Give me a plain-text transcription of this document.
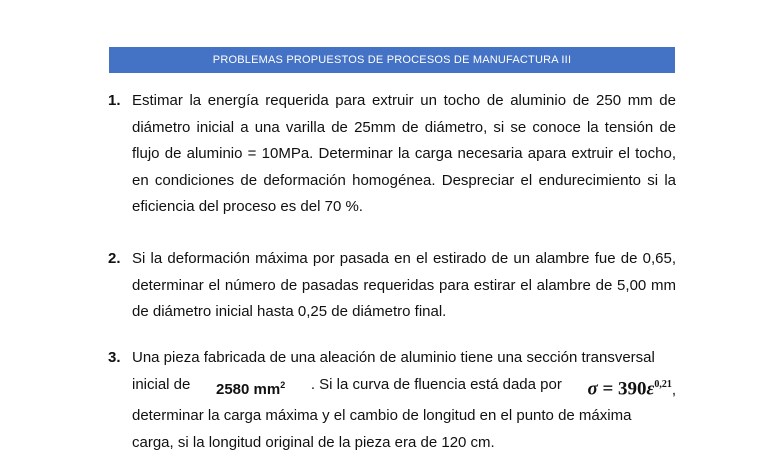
PROBLEMAS PROPUESTOS DE PROCESOS DE MANUFACTURA III
1. Estimar la energía requerida para extruir un tocho de aluminio de 250 mm de diámetro inicial a una varilla de 25mm de diámetro, si se conoce la tensión de flujo de aluminio = 10MPa. Determinar la carga necesaria apara extruir el tocho, en condiciones de deformación homogénea. Despreciar el endurecimiento si la eficiencia del proceso es del 70 %.
2. Si la deformación máxima por pasada en el estirado de un alambre fue de 0,65, determinar el número de pasadas requeridas para estirar el alambre de 5,00 mm de diámetro inicial hasta 0,25 de diámetro final.
3. Una pieza fabricada de una aleación de aluminio tiene una sección transversal
inicial de 2580 $mm^2$ . Si la curva de fluencia está dada por $\sigma = 390\varepsilon^{0,21}$,
determinar la carga máxima y el cambio de longitud en el punto de máxima
carga, si la longitud original de la pieza era de 120 cm.
